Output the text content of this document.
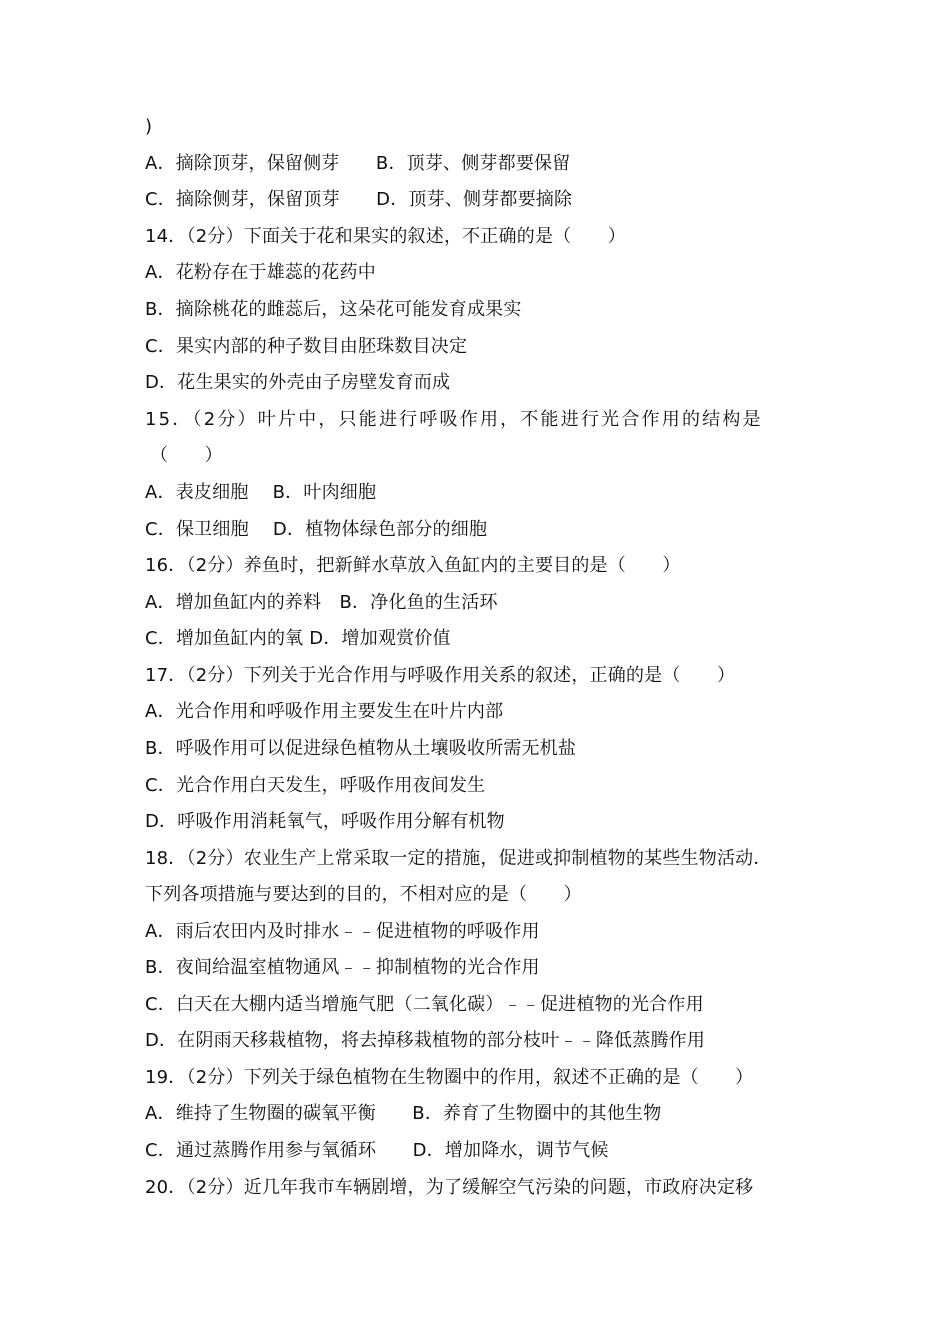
)
A．摘除顶芽，保留侧芽　　B．顶芽、侧芽都要保留
C．摘除侧芽，保留顶芽　　D．顶芽、侧芽都要摘除
14．（2分）下面关于花和果实的叙述，不正确的是（　　）
A．花粉存在于雄蕊的花药中
B．摘除桃花的雌蕊后，这朵花可能发育成果实
C．果实内部的种子数目由胚珠数目决定
D．花生果实的外壳由子房壁发育而成
15．（2分）叶片中，只能进行呼吸作用，不能进行光合作用的结构是
（　　）
A．表皮细胞　 B．叶肉细胞
C．保卫细胞　 D．植物体绿色部分的细胞
16．（2分）养鱼时，把新鲜水草放入鱼缸内的主要目的是（　　）
A．增加鱼缸内的养料　B．净化鱼的生活环
C．增加鱼缸内的氧 D．增加观赏价值
17．（2分）下列关于光合作用与呼吸作用关系的叙述，正确的是（　　）
A．光合作用和呼吸作用主要发生在叶片内部
B．呼吸作用可以促进绿色植物从土壤吸收所需无机盐
C．光合作用白天发生，呼吸作用夜间发生
D．呼吸作用消耗氧气，呼吸作用分解有机物
18．（2分）农业生产上常采取一定的措施，促进或抑制植物的某些生物活动．
下列各项措施与要达到的目的，不相对应的是（　　）
A．雨后农田内及时排水﹣﹣促进植物的呼吸作用
B．夜间给温室植物通风﹣﹣抑制植物的光合作用
C．白天在大棚内适当增施气肥（二氧化碳）﹣﹣促进植物的光合作用
D．在阴雨天移栽植物，将去掉移栽植物的部分枝叶﹣﹣降低蒸腾作用
19．（2分）下列关于绿色植物在生物圈中的作用，叙述不正确的是（　　）
A．维持了生物圈的碳氧平衡　　B．养育了生物圈中的其他生物
C．通过蒸腾作用参与氧循环　　D．增加降水，调节气候
20．（2分）近几年我市车辆剧增，为了缓解空气污染的问题，市政府决定移
